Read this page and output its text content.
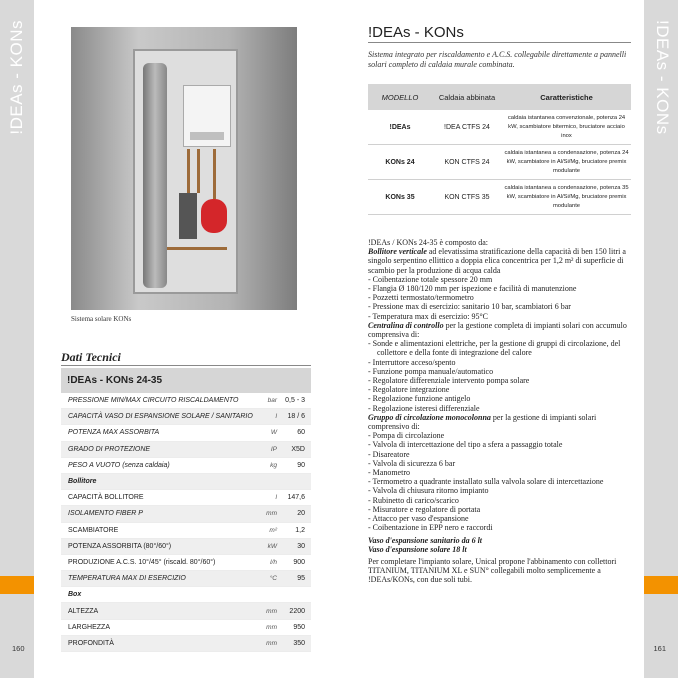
!DEAs - KONs
160
!DEAs - KONs
161
Sistema solare KONs
Dati Tecnici
!DEAs - KONs 24-35
PRESSIONE MIN/MAX CIRCUITO RISCALDAMENTO	bar	0,5 - 3
CAPACITÀ VASO DI ESPANSIONE SOLARE / SANITARIO	l	18 / 6
POTENZA MAX ASSORBITA	W	60
GRADO DI PROTEZIONE	IP	X5D
PESO A VUOTO (senza caldaia)	kg	90
Bollitore
CAPACITÀ BOLLITORE	l	147,6
ISOLAMENTO FIBER P	mm	20
SCAMBIATORE	m²	1,2
POTENZA ASSORBITA (80°/60°)	kW	30
PRODUZIONE A.C.S. 10°/45° (riscald. 80°/60°)	l/h	900
TEMPERATURA MAX DI ESERCIZIO	°C	95
Box
ALTEZZA	mm	2200
LARGHEZZA	mm	950
PROFONDITÀ	mm	350
!DEAs - KONs
Sistema integrato per riscaldamento e A.C.S. collegabile direttamente a pannelli solari completo di caldaia murale combinata.
MODELLO	Caldaia abbinata	Caratteristiche
!DEAs	!DEA CTFS 24
caldaia istantanea convenzionale, potenza 24 kW, scambiatore bitermico, bruciatore acciaio inox
KONs 24	KON CTFS 24
caldaia istantanea a condensazione, potenza 24 kW, scambiatore in Al/Si/Mg, bruciatore premix modulante
KONs 35	KON CTFS 35
caldaia istantanea a condensazione, potenza 35 kW, scambiatore in Al/Si/Mg, bruciatore premix modulante

!DEAs / KONs 24-35 è composto da:

Bollitore verticale ad elevatissima stratificazione della capacità di ben 150 litri a singolo serpentino ellittico a doppia elica concentrica per 1,2 m² di superficie di scambio per la produzione di acqua calda

- Coibentazione totale spessore 20 mm
- Flangia Ø 180/120 mm per ispezione e facilità di manutenzione
- Pozzetti termostato/termometro
- Pressione max di esercizio: sanitario 10 bar, scambiatori 6 bar
- Temperatura max di esercizio: 95°C

Centralina di controllo per la gestione completa di impianti solari con accumulo comprensiva di:

- Sonde e alimentazioni elettriche, per la gestione di gruppi di circolazione, del collettore e della fonte di integrazione del calore
- Interruttore acceso/spento
- Funzione pompa manuale/automatico
- Regolatore differenziale intervento pompa solare
- Regolatore integrazione
- Regolazione funzione antigelo
- Regolazione isteresi differenziale

Gruppo di circolazione monocolonna per la gestione di impianti solari comprensivo di:

- Pompa di circolazione
- Valvola di intercettazione del tipo a sfera a passaggio totale
- Disareatore
- Valvola di sicurezza 6 bar
- Manometro
- Termometro a quadrante installato sulla valvola solare di intercettazione
- Valvola di chiusura ritorno impianto
- Rubinetto di carico/scarico
- Misuratore e regolatore di portata
- Attacco per vaso d'espansione
- Coibentazione in EPP nero e raccordi

Vaso d'espansione sanitario da 6 lt

Vaso d'espansione solare 18 lt

Per completare l'impianto solare, Unical propone l'abbinamento con collettori TITANIUM, TITANIUM XL e SUN° collegabili molto semplicemente a !DEAs/KONs, con due soli tubi.
